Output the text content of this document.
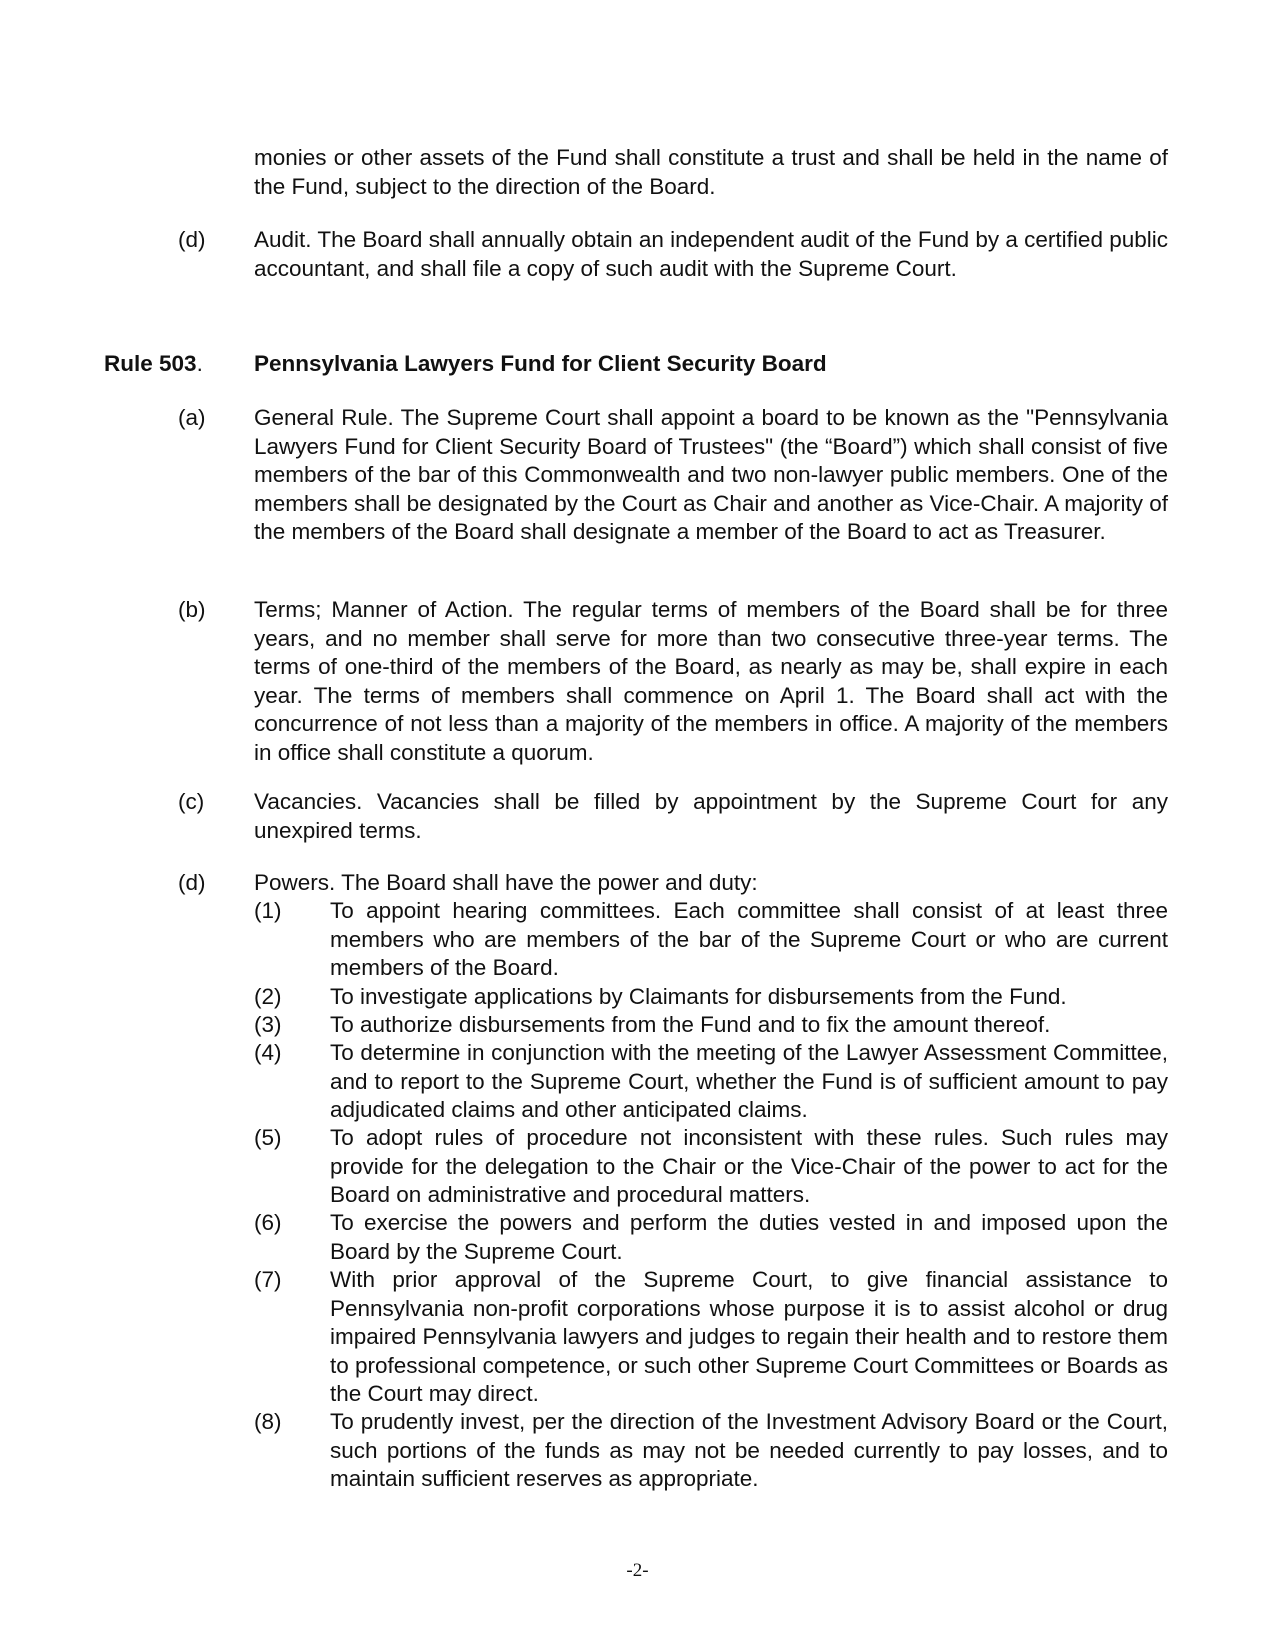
monies or other assets of the Fund shall constitute a trust and shall be held in the name of the Fund, subject to the direction of the Board.
(d) Audit. The Board shall annually obtain an independent audit of the Fund by a certified public accountant, and shall file a copy of such audit with the Supreme Court.
Rule 503. Pennsylvania Lawyers Fund for Client Security Board
(a) General Rule. The Supreme Court shall appoint a board to be known as the "Pennsylvania Lawyers Fund for Client Security Board of Trustees" (the “Board”) which shall consist of five members of the bar of this Commonwealth and two non-lawyer public members. One of the members shall be designated by the Court as Chair and another as Vice-Chair. A majority of the members of the Board shall designate a member of the Board to act as Treasurer.
(b) Terms; Manner of Action. The regular terms of members of the Board shall be for three years, and no member shall serve for more than two consecutive three-year terms. The terms of one-third of the members of the Board, as nearly as may be, shall expire in each year. The terms of members shall commence on April 1. The Board shall act with the concurrence of not less than a majority of the members in office. A majority of the members in office shall constitute a quorum.
(c) Vacancies. Vacancies shall be filled by appointment by the Supreme Court for any unexpired terms.
(d) Powers. The Board shall have the power and duty:
(1) To appoint hearing committees. Each committee shall consist of at least three members who are members of the bar of the Supreme Court or who are current members of the Board.
(2) To investigate applications by Claimants for disbursements from the Fund.
(3) To authorize disbursements from the Fund and to fix the amount thereof.
(4) To determine in conjunction with the meeting of the Lawyer Assessment Committee, and to report to the Supreme Court, whether the Fund is of sufficient amount to pay adjudicated claims and other anticipated claims.
(5) To adopt rules of procedure not inconsistent with these rules. Such rules may provide for the delegation to the Chair or the Vice-Chair of the power to act for the Board on administrative and procedural matters.
(6) To exercise the powers and perform the duties vested in and imposed upon the Board by the Supreme Court.
(7) With prior approval of the Supreme Court, to give financial assistance to Pennsylvania non-profit corporations whose purpose it is to assist alcohol or drug impaired Pennsylvania lawyers and judges to regain their health and to restore them to professional competence, or such other Supreme Court Committees or Boards as the Court may direct.
(8) To prudently invest, per the direction of the Investment Advisory Board or the Court, such portions of the funds as may not be needed currently to pay losses, and to maintain sufficient reserves as appropriate.
-2-
